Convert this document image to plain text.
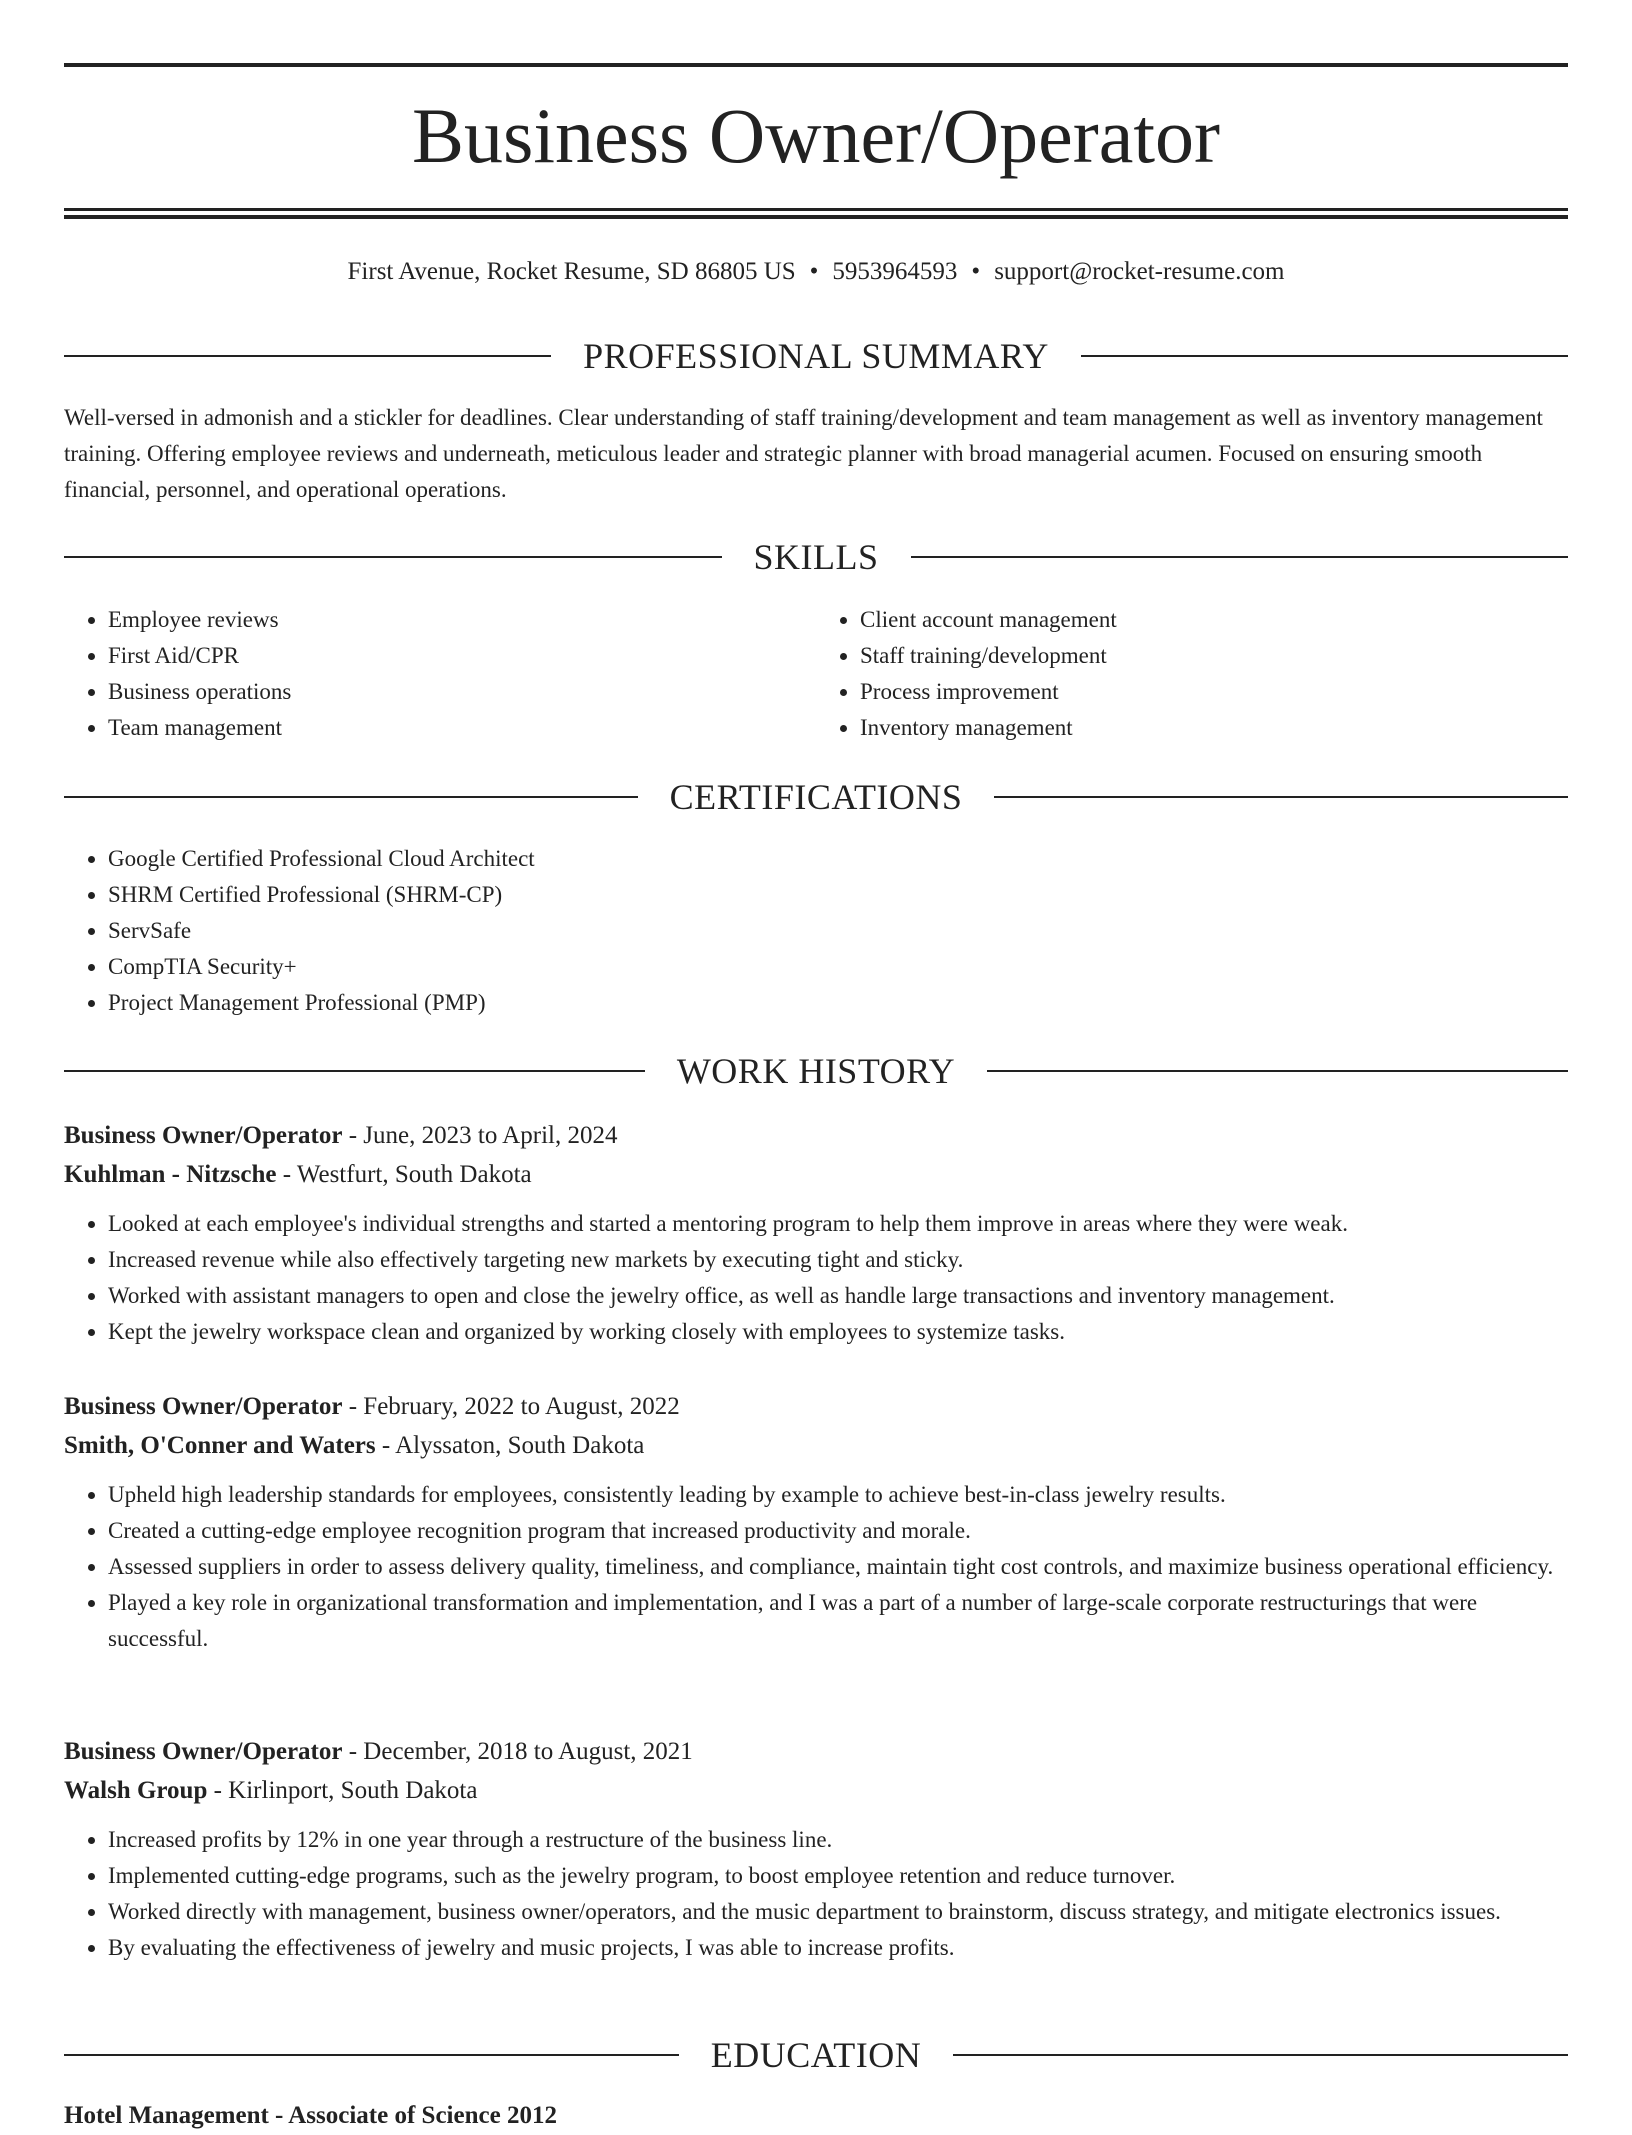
Business Owner/Operator
First Avenue, Rocket Resume, SD 86805 US • 5953964593 • support@rocket-resume.com
PROFESSIONAL SUMMARY

Well-versed in admonish and a stickler for deadlines. Clear understanding of staff training/development and team management as well as inventory management training. Offering employee reviews and underneath, meticulous leader and strategic planner with broad managerial acumen. Focused on ensuring smooth financial, personnel, and operational operations.

SKILLS
• Employee reviews
• First Aid/CPR
• Business operations
• Team management
• Client account management
• Staff training/development
• Process improvement
• Inventory management
CERTIFICATIONS
• Google Certified Professional Cloud Architect
• SHRM Certified Professional (SHRM-CP)
• ServSafe
• CompTIA Security+
• Project Management Professional (PMP)
WORK HISTORY
Business Owner/Operator - June, 2023 to April, 2024
Kuhlman - Nitzsche - Westfurt, South Dakota
• Looked at each employee's individual strengths and started a mentoring program to help them improve in areas where they were weak.
• Increased revenue while also effectively targeting new markets by executing tight and sticky.
• Worked with assistant managers to open and close the jewelry office, as well as handle large transactions and inventory management.
• Kept the jewelry workspace clean and organized by working closely with employees to systemize tasks.
Business Owner/Operator - February, 2022 to August, 2022
Smith, O'Conner and Waters - Alyssaton, South Dakota
• Upheld high leadership standards for employees, consistently leading by example to achieve best-in-class jewelry results.
• Created a cutting-edge employee recognition program that increased productivity and morale.
• Assessed suppliers in order to assess delivery quality, timeliness, and compliance, maintain tight cost controls, and maximize business operational efficiency.
• Played a key role in organizational transformation and implementation, and I was a part of a number of large-scale corporate restructurings that were successful.
Business Owner/Operator - December, 2018 to August, 2021
Walsh Group - Kirlinport, South Dakota
• Increased profits by 12% in one year through a restructure of the business line.
• Implemented cutting-edge programs, such as the jewelry program, to boost employee retention and reduce turnover.
• Worked directly with management, business owner/operators, and the music department to brainstorm, discuss strategy, and mitigate electronics issues.
• By evaluating the effectiveness of jewelry and music projects, I was able to increase profits.
EDUCATION
Hotel Management - Associate of Science 2012
